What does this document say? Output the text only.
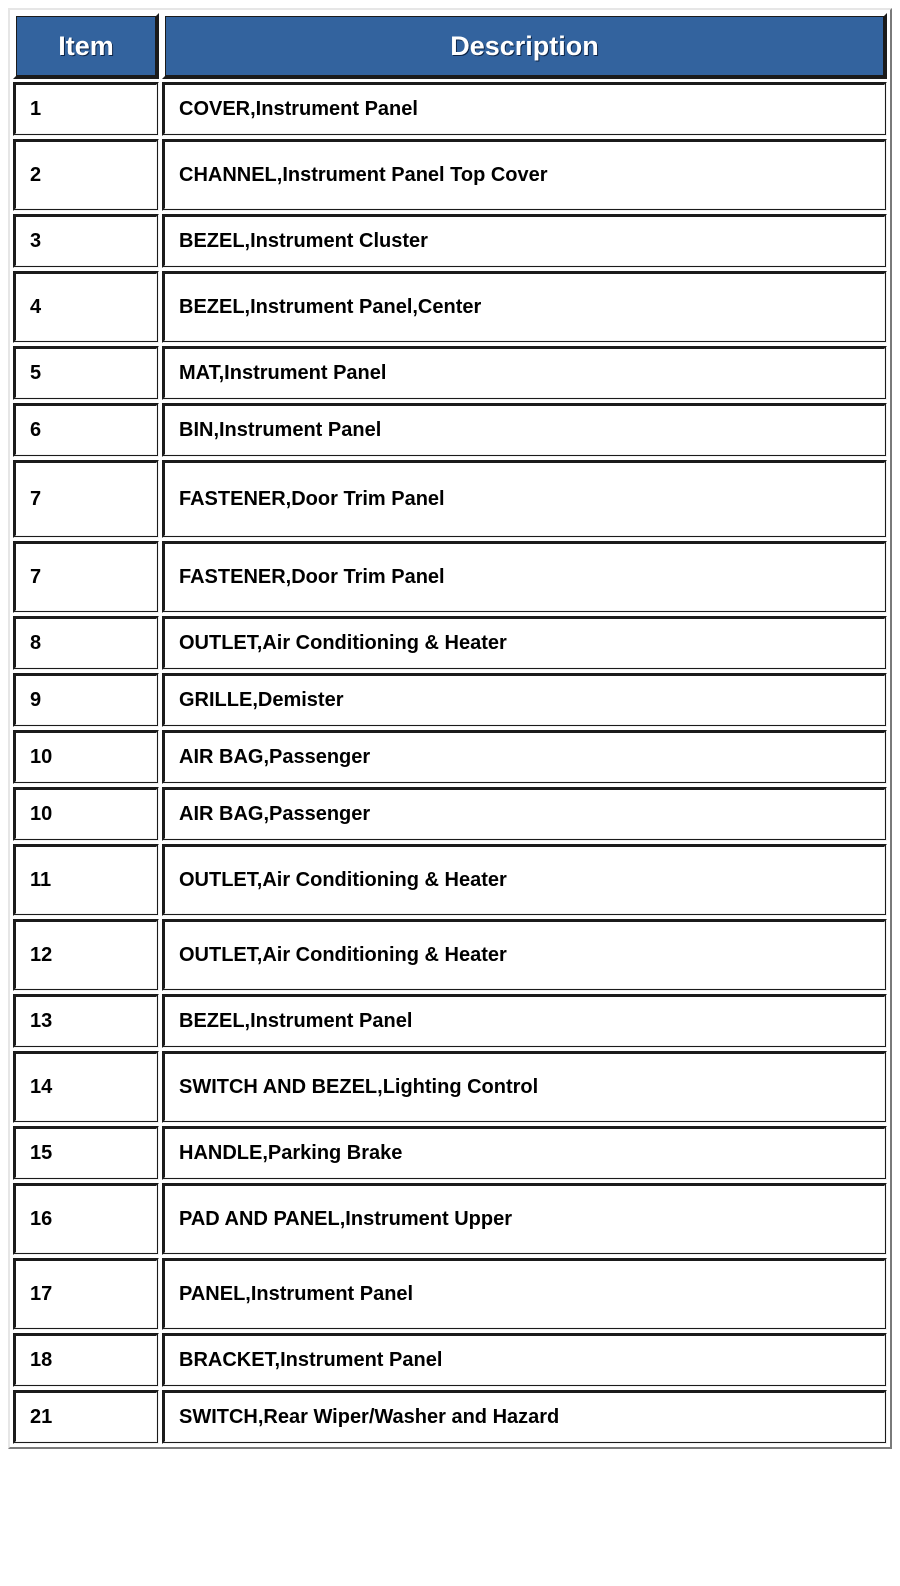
Item	Description
1	COVER,Instrument Panel
2	CHANNEL,Instrument Panel Top Cover
3	BEZEL,Instrument Cluster
4	BEZEL,Instrument Panel,Center
5	MAT,Instrument Panel
6	BIN,Instrument Panel
7	FASTENER,Door Trim Panel
7	FASTENER,Door Trim Panel
8	OUTLET,Air Conditioning & Heater
9	GRILLE,Demister
10	AIR BAG,Passenger
10	AIR BAG,Passenger
11	OUTLET,Air Conditioning & Heater
12	OUTLET,Air Conditioning & Heater
13	BEZEL,Instrument Panel
14	SWITCH AND BEZEL,Lighting Control
15	HANDLE,Parking Brake
16	PAD AND PANEL,Instrument Upper
17	PANEL,Instrument Panel
18	BRACKET,Instrument Panel
21	SWITCH,Rear Wiper/Washer and Hazard
